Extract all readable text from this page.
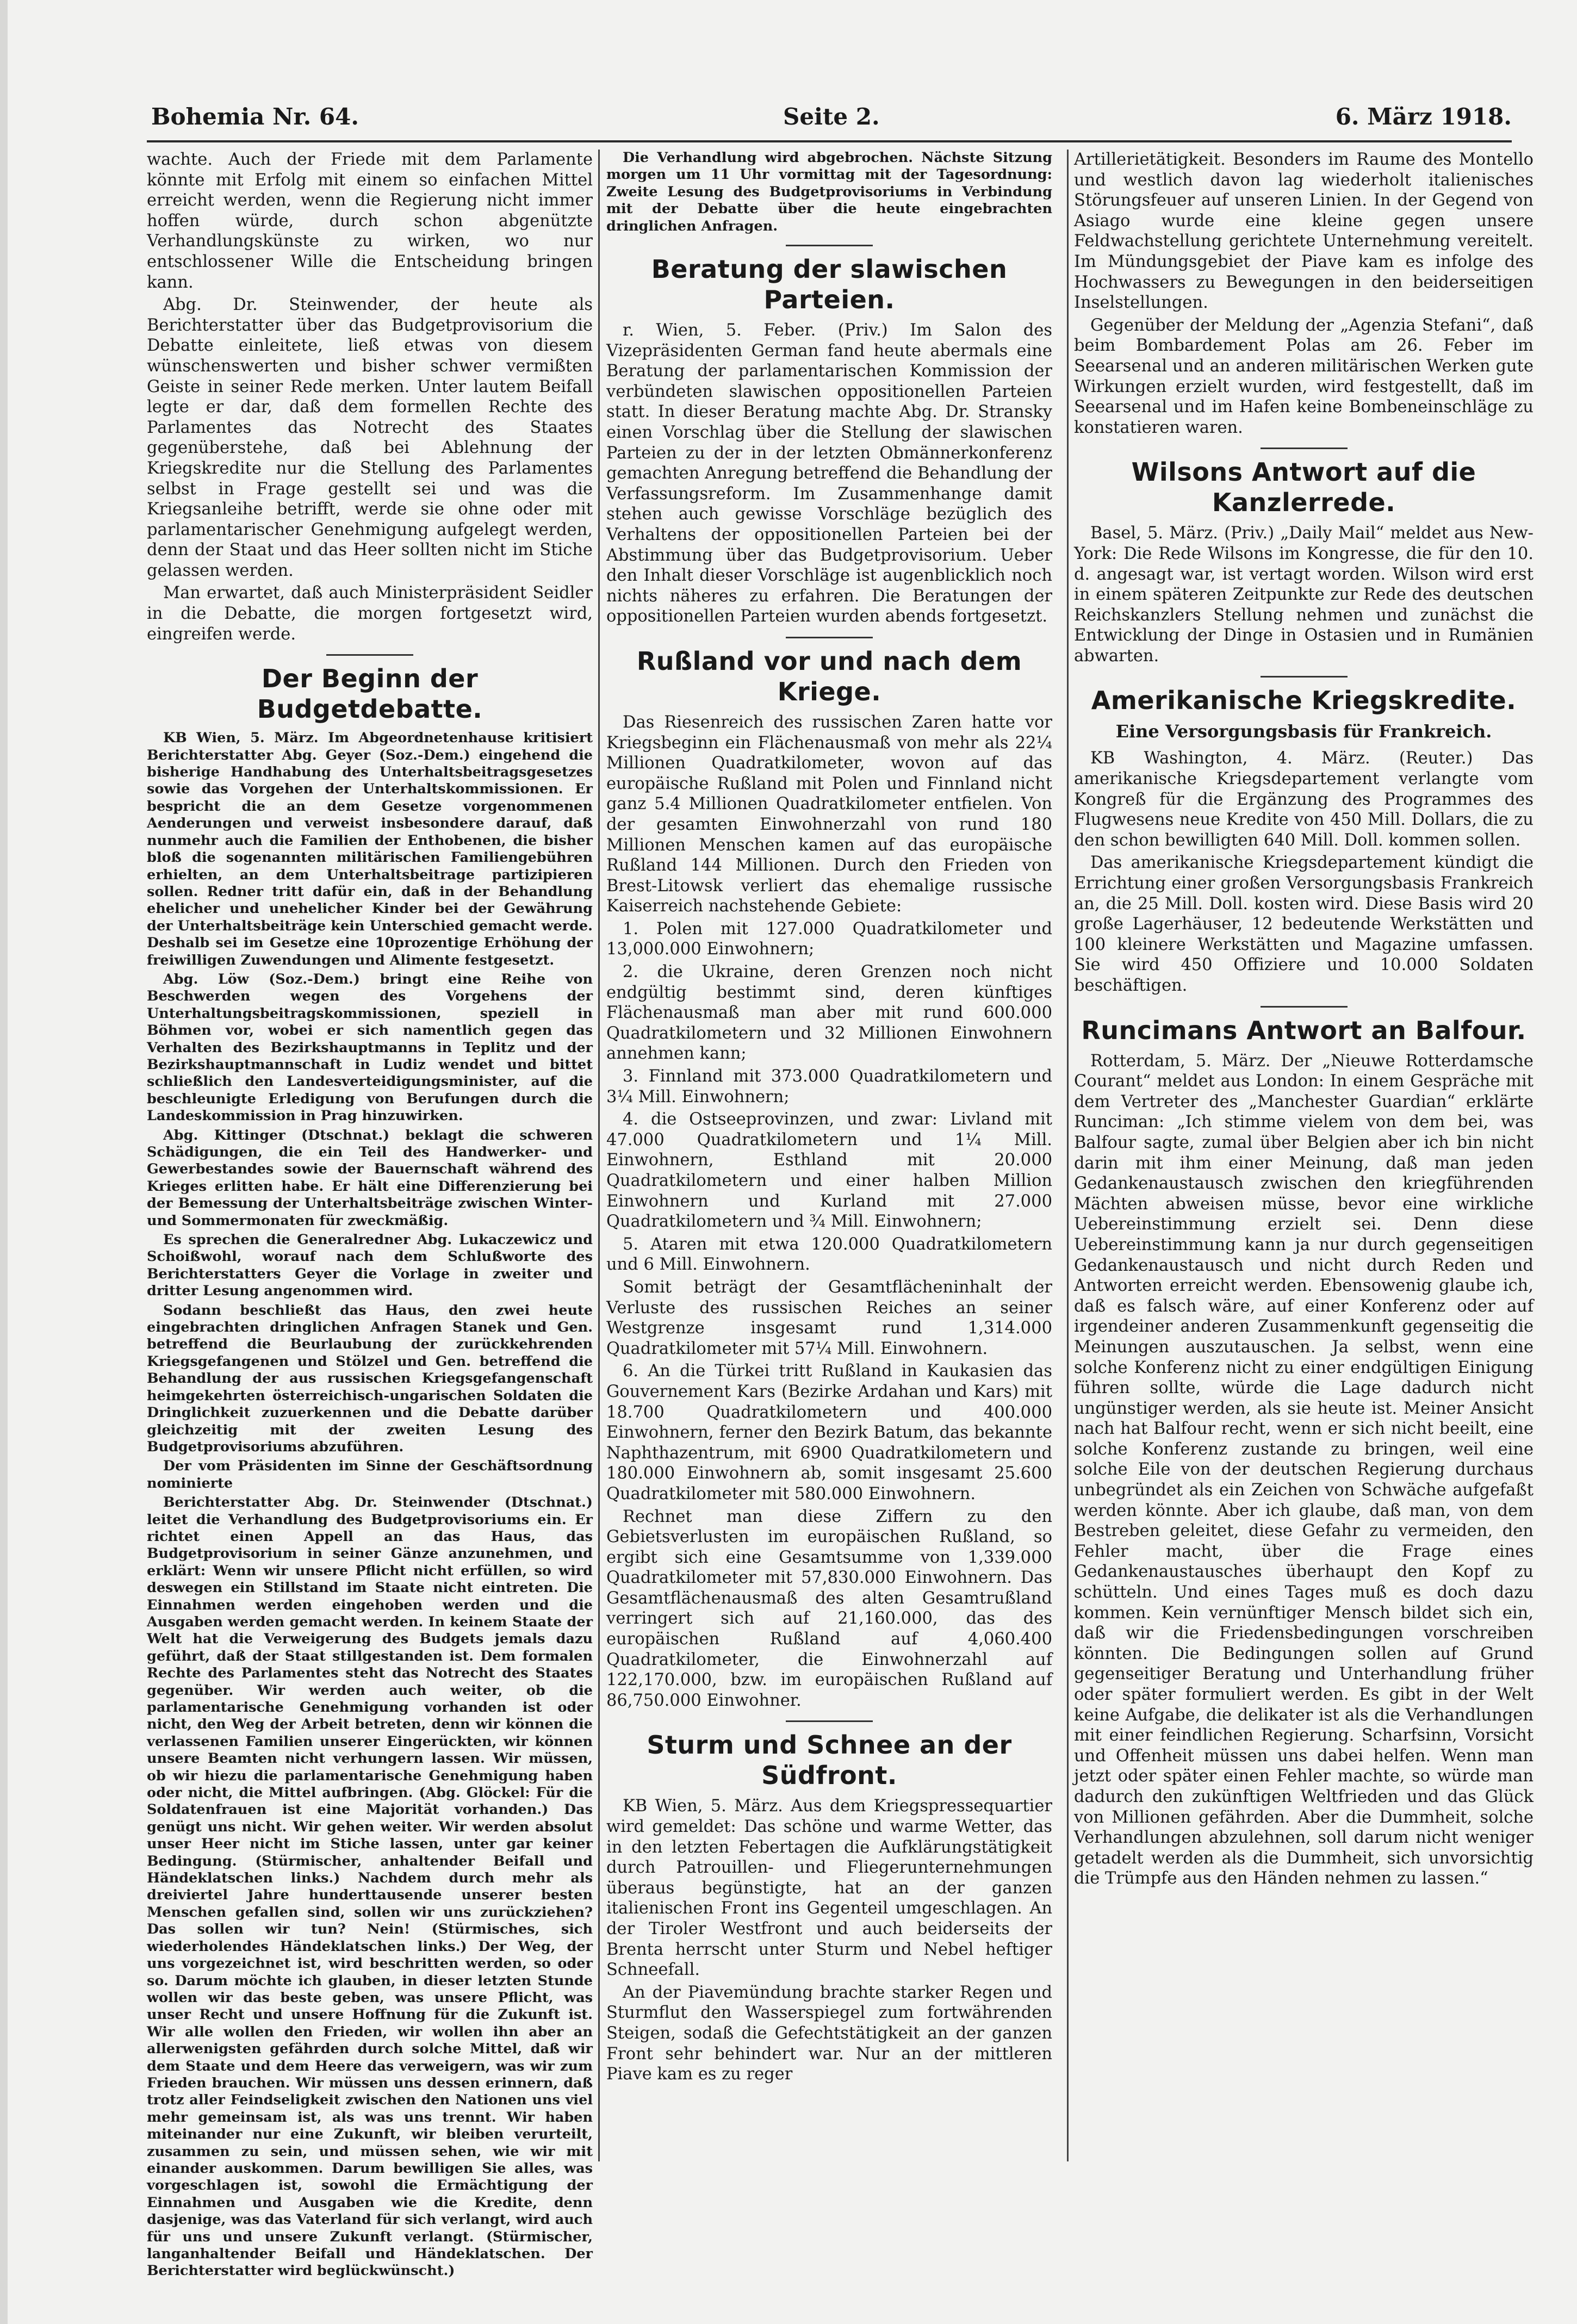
Bohemia Nr. 64.	Seite 2.	6. März 1918.

wachte. Auch der Friede mit dem Parlamente könnte mit Erfolg mit einem so einfachen Mittel erreicht werden, wenn die Regierung nicht immer hoffen würde, durch schon abgenützte Verhandlungskünste zu wirken, wo nur entschlossener Wille die Entscheidung bringen kann.

Abg. Dr. Steinwender, der heute als Berichterstatter über das Budgetprovisorium die Debatte einleitete, ließ etwas von diesem wünschenswerten und bisher schwer vermißten Geiste in seiner Rede merken. Unter lautem Beifall legte er dar, daß dem formellen Rechte des Parlamentes das Notrecht des Staates gegenüberstehe, daß bei Ablehnung der Kriegskredite nur die Stellung des Parlamentes selbst in Frage gestellt sei und was die Kriegsanleihe betrifft, werde sie ohne oder mit parlamentarischer Genehmigung aufgelegt werden, denn der Staat und das Heer sollten nicht im Stiche gelassen werden.

Man erwartet, daß auch Ministerpräsident Seidler in die Debatte, die morgen fortgesetzt wird, eingreifen werde.

Der Beginn der Budgetdebatte.

KB Wien, 5. März. Im Abgeordnetenhause kritisiert Berichterstatter Abg. Geyer (Soz.-Dem.) eingehend die bisherige Handhabung des Unterhaltsbeitragsgesetzes sowie das Vorgehen der Unterhaltskommissionen. Er bespricht die an dem Gesetze vorgenommenen Aenderungen und verweist insbesondere darauf, daß nunmehr auch die Familien der Enthobenen, die bisher bloß die sogenannten militärischen Familiengebühren erhielten, an dem Unterhaltsbeitrage partizipieren sollen. Redner tritt dafür ein, daß in der Behandlung ehelicher und unehelicher Kinder bei der Gewährung der Unterhaltsbeiträge kein Unterschied gemacht werde. Deshalb sei im Gesetze eine 10prozentige Erhöhung der freiwilligen Zuwendungen und Alimente festgesetzt.

Abg. Löw (Soz.-Dem.) bringt eine Reihe von Beschwerden wegen des Vorgehens der Unterhaltungsbeitragskommissionen, speziell in Böhmen vor, wobei er sich namentlich gegen das Verhalten des Bezirkshauptmanns in Teplitz und der Bezirkshauptmannschaft in Ludiz wendet und bittet schließlich den Landesverteidigungsminister, auf die beschleunigte Erledigung von Berufungen durch die Landeskommission in Prag hinzuwirken.

Abg. Kittinger (Dtschnat.) beklagt die schweren Schädigungen, die ein Teil des Handwerker- und Gewerbestandes sowie der Bauernschaft während des Krieges erlitten habe. Er hält eine Differenzierung bei der Bemessung der Unterhaltsbeiträge zwischen Winter- und Sommermonaten für zweckmäßig.

Es sprechen die Generalredner Abg. Lukaczewicz und Schoißwohl, worauf nach dem Schlußworte des Berichterstatters Geyer die Vorlage in zweiter und dritter Lesung angenommen wird.

Sodann beschließt das Haus, den zwei heute eingebrachten dringlichen Anfragen Stanek und Gen. betreffend die Beurlaubung der zurückkehrenden Kriegsgefangenen und Stölzel und Gen. betreffend die Behandlung der aus russischen Kriegsgefangenschaft heimgekehrten österreichisch-ungarischen Soldaten die Dringlichkeit zuzuerkennen und die Debatte darüber gleichzeitig mit der zweiten Lesung des Budgetprovisoriums abzuführen.

Der vom Präsidenten im Sinne der Geschäftsordnung nominierte

Berichterstatter Abg. Dr. Steinwender (Dtschnat.) leitet die Verhandlung des Budgetprovisoriums ein. Er richtet einen Appell an das Haus, das Budgetprovisorium in seiner Gänze anzunehmen, und erklärt: Wenn wir unsere Pflicht nicht erfüllen, so wird deswegen ein Stillstand im Staate nicht eintreten. Die Einnahmen werden eingehoben werden und die Ausgaben werden gemacht werden. In keinem Staate der Welt hat die Verweigerung des Budgets jemals dazu geführt, daß der Staat stillgestanden ist. Dem formalen Rechte des Parlamentes steht das Notrecht des Staates gegenüber. Wir werden auch weiter, ob die parlamentarische Genehmigung vorhanden ist oder nicht, den Weg der Arbeit betreten, denn wir können die verlassenen Familien unserer Eingerückten, wir können unsere Beamten nicht verhungern lassen. Wir müssen, ob wir hiezu die parlamentarische Genehmigung haben oder nicht, die Mittel aufbringen. (Abg. Glöckel: Für die Soldatenfrauen ist eine Majorität vorhanden.) Das genügt uns nicht. Wir gehen weiter. Wir werden absolut unser Heer nicht im Stiche lassen, unter gar keiner Bedingung. (Stürmischer, anhaltender Beifall und Händeklatschen links.) Nachdem durch mehr als dreiviertel Jahre hunderttausende unserer besten Menschen gefallen sind, sollen wir uns zurückziehen? Das sollen wir tun? Nein! (Stürmisches, sich wiederholendes Händeklatschen links.) Der Weg, der uns vorgezeichnet ist, wird beschritten werden, so oder so. Darum möchte ich glauben, in dieser letzten Stunde wollen wir das beste geben, was unsere Pflicht, was unser Recht und unsere Hoffnung für die Zukunft ist. Wir alle wollen den Frieden, wir wollen ihn aber an allerwenigsten gefährden durch solche Mittel, daß wir dem Staate und dem Heere das verweigern, was wir zum Frieden brauchen. Wir müssen uns dessen erinnern, daß trotz aller Feindseligkeit zwischen den Nationen uns viel mehr gemeinsam ist, als was uns trennt. Wir haben miteinander nur eine Zukunft, wir bleiben verurteilt, zusammen zu sein, und müssen sehen, wie wir mit einander auskommen. Darum bewilligen Sie alles, was vorgeschlagen ist, sowohl die Ermächtigung der Einnahmen und Ausgaben wie die Kredite, denn dasjenige, was das Vaterland für sich verlangt, wird auch für uns und unsere Zukunft verlangt. (Stürmischer, langanhaltender Beifall und Händeklatschen. Der Berichterstatter wird beglückwünscht.)

Die Verhandlung wird abgebrochen. Nächste Sitzung morgen um 11 Uhr vormittag mit der Tagesordnung: Zweite Lesung des Budgetprovisoriums in Verbindung mit der Debatte über die heute eingebrachten dringlichen Anfragen.

Beratung der slawischen Parteien.

r. Wien, 5. Feber. (Priv.) Im Salon des Vizepräsidenten German fand heute abermals eine Beratung der parlamentarischen Kommission der verbündeten slawischen oppositionellen Parteien statt. In dieser Beratung machte Abg. Dr. Stransky einen Vorschlag über die Stellung der slawischen Parteien zu der in der letzten Obmännerkonferenz gemachten Anregung betreffend die Behandlung der Verfassungsreform. Im Zusammenhange damit stehen auch gewisse Vorschläge bezüglich des Verhaltens der oppositionellen Parteien bei der Abstimmung über das Budgetprovisorium. Ueber den Inhalt dieser Vorschläge ist augenblicklich noch nichts näheres zu erfahren. Die Beratungen der oppositionellen Parteien wurden abends fortgesetzt.

Rußland vor und nach dem Kriege.

Das Riesenreich des russischen Zaren hatte vor Kriegsbeginn ein Flächenausmaß von mehr als 22¼ Millionen Quadratkilometer, wovon auf das europäische Rußland mit Polen und Finnland nicht ganz 5.4 Millionen Quadratkilometer entfielen. Von der gesamten Einwohnerzahl von rund 180 Millionen Menschen kamen auf das europäische Rußland 144 Millionen. Durch den Frieden von Brest-Litowsk verliert das ehemalige russische Kaiserreich nachstehende Gebiete:

1. Polen mit 127.000 Quadratkilometer und 13,000.000 Einwohnern;

2. die Ukraine, deren Grenzen noch nicht endgültig bestimmt sind, deren künftiges Flächenausmaß man aber mit rund 600.000 Quadratkilometern und 32 Millionen Einwohnern annehmen kann;

3. Finnland mit 373.000 Quadratkilometern und 3¼ Mill. Einwohnern;

4. die Ostseeprovinzen, und zwar: Livland mit 47.000 Quadratkilometern und 1¼ Mill. Einwohnern, Esthland mit 20.000 Quadratkilometern und einer halben Million Einwohnern und Kurland mit 27.000 Quadratkilometern und ¾ Mill. Einwohnern;

5. Ataren mit etwa 120.000 Quadratkilometern und 6 Mill. Einwohnern.

Somit beträgt der Gesamtflächeninhalt der Verluste des russischen Reiches an seiner Westgrenze insgesamt rund 1,314.000 Quadratkilometer mit 57¼ Mill. Einwohnern.

6. An die Türkei tritt Rußland in Kaukasien das Gouvernement Kars (Bezirke Ardahan und Kars) mit 18.700 Quadratkilometern und 400.000 Einwohnern, ferner den Bezirk Batum, das bekannte Naphthazentrum, mit 6900 Quadratkilometern und 180.000 Einwohnern ab, somit insgesamt 25.600 Quadratkilometer mit 580.000 Einwohnern.

Rechnet man diese Ziffern zu den Gebietsverlusten im europäischen Rußland, so ergibt sich eine Gesamtsumme von 1,339.000 Quadratkilometer mit 57,830.000 Einwohnern. Das Gesamtflächenausmaß des alten Gesamtrußland verringert sich auf 21,160.000, das des europäischen Rußland auf 4,060.400 Quadratkilometer, die Einwohnerzahl auf 122,170.000, bzw. im europäischen Rußland auf 86,750.000 Einwohner.

Sturm und Schnee an der Südfront.

KB Wien, 5. März. Aus dem Kriegspressequartier wird gemeldet: Das schöne und warme Wetter, das in den letzten Febertagen die Aufklärungstätigkeit durch Patrouillen- und Fliegerunternehmungen überaus begünstigte, hat an der ganzen italienischen Front ins Gegenteil umgeschlagen. An der Tiroler Westfront und auch beiderseits der Brenta herrscht unter Sturm und Nebel heftiger Schneefall.

An der Piavemündung brachte starker Regen und Sturmflut den Wasserspiegel zum fortwährenden Steigen, sodaß die Gefechtstätigkeit an der ganzen Front sehr behindert war. Nur an der mittleren Piave kam es zu reger

Artillerietätigkeit. Besonders im Raume des Montello und westlich davon lag wiederholt italienisches Störungsfeuer auf unseren Linien. In der Gegend von Asiago wurde eine kleine gegen unsere Feldwachstellung gerichtete Unternehmung vereitelt. Im Mündungsgebiet der Piave kam es infolge des Hochwassers zu Bewegungen in den beiderseitigen Inselstellungen.

Gegenüber der Meldung der „Agenzia Stefani“, daß beim Bombardement Polas am 26. Feber im Seearsenal und an anderen militärischen Werken gute Wirkungen erzielt wurden, wird festgestellt, daß im Seearsenal und im Hafen keine Bombeneinschläge zu konstatieren waren.

Wilsons Antwort auf die Kanzlerrede.

Basel, 5. März. (Priv.) „Daily Mail“ meldet aus New-York: Die Rede Wilsons im Kongresse, die für den 10. d. angesagt war, ist vertagt worden. Wilson wird erst in einem späteren Zeitpunkte zur Rede des deutschen Reichskanzlers Stellung nehmen und zunächst die Entwicklung der Dinge in Ostasien und in Rumänien abwarten.

Amerikanische Kriegskredite.
Eine Versorgungsbasis für Frankreich.

KB Washington, 4. März. (Reuter.) Das amerikanische Kriegsdepartement verlangte vom Kongreß für die Ergänzung des Programmes des Flugwesens neue Kredite von 450 Mill. Dollars, die zu den schon bewilligten 640 Mill. Doll. kommen sollen.

Das amerikanische Kriegsdepartement kündigt die Errichtung einer großen Versorgungsbasis Frankreich an, die 25 Mill. Doll. kosten wird. Diese Basis wird 20 große Lagerhäuser, 12 bedeutende Werkstätten und 100 kleinere Werkstätten und Magazine umfassen. Sie wird 450 Offiziere und 10.000 Soldaten beschäftigen.

Runcimans Antwort an Balfour.

Rotterdam, 5. März. Der „Nieuwe Rotterdamsche Courant“ meldet aus London: In einem Gespräche mit dem Vertreter des „Manchester Guardian“ erklärte Runciman: „Ich stimme vielem von dem bei, was Balfour sagte, zumal über Belgien aber ich bin nicht darin mit ihm einer Meinung, daß man jeden Gedankenaustausch zwischen den kriegführenden Mächten abweisen müsse, bevor eine wirkliche Uebereinstimmung erzielt sei. Denn diese Uebereinstimmung kann ja nur durch gegenseitigen Gedankenaustausch und nicht durch Reden und Antworten erreicht werden. Ebensowenig glaube ich, daß es falsch wäre, auf einer Konferenz oder auf irgendeiner anderen Zusammenkunft gegenseitig die Meinungen auszutauschen. Ja selbst, wenn eine solche Konferenz nicht zu einer endgültigen Einigung führen sollte, würde die Lage dadurch nicht ungünstiger werden, als sie heute ist. Meiner Ansicht nach hat Balfour recht, wenn er sich nicht beeilt, eine solche Konferenz zustande zu bringen, weil eine solche Eile von der deutschen Regierung durchaus unbegründet als ein Zeichen von Schwäche aufgefaßt werden könnte. Aber ich glaube, daß man, von dem Bestreben geleitet, diese Gefahr zu vermeiden, den Fehler macht, über die Frage eines Gedankenaustausches überhaupt den Kopf zu schütteln. Und eines Tages muß es doch dazu kommen. Kein vernünftiger Mensch bildet sich ein, daß wir die Friedensbedingungen vorschreiben könnten. Die Bedingungen sollen auf Grund gegenseitiger Beratung und Unterhandlung früher oder später formuliert werden. Es gibt in der Welt keine Aufgabe, die delikater ist als die Verhandlungen mit einer feindlichen Regierung. Scharfsinn, Vorsicht und Offenheit müssen uns dabei helfen. Wenn man jetzt oder später einen Fehler machte, so würde man dadurch den zukünftigen Weltfrieden und das Glück von Millionen gefährden. Aber die Dummheit, solche Verhandlungen abzulehnen, soll darum nicht weniger getadelt werden als die Dummheit, sich unvorsichtig die Trümpfe aus den Händen nehmen zu lassen.“
